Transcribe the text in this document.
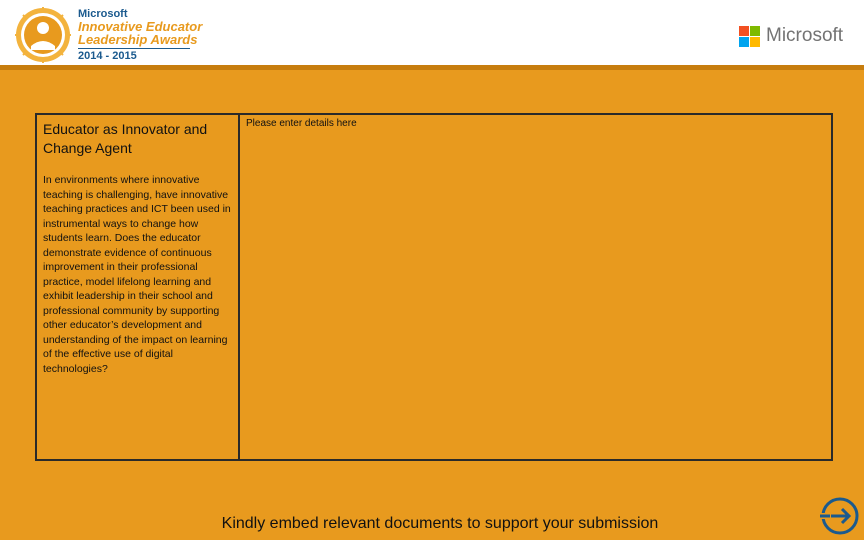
Microsoft
Innovative Educator
Leadership Awards
2014 - 2015
Microsoft

Educator as Innovator and Change Agent

In environments where innovative teaching is challenging, have innovative teaching practices and ICT been used in instrumental ways to change how students learn. Does the educator demonstrate evidence of continuous improvement in their professional practice, model lifelong learning and exhibit leadership in their school and professional community by supporting other educator’s development and understanding of the impact on learning of the effective use of digital technologies?
Please enter details here
Kindly embed relevant documents to support your submission
